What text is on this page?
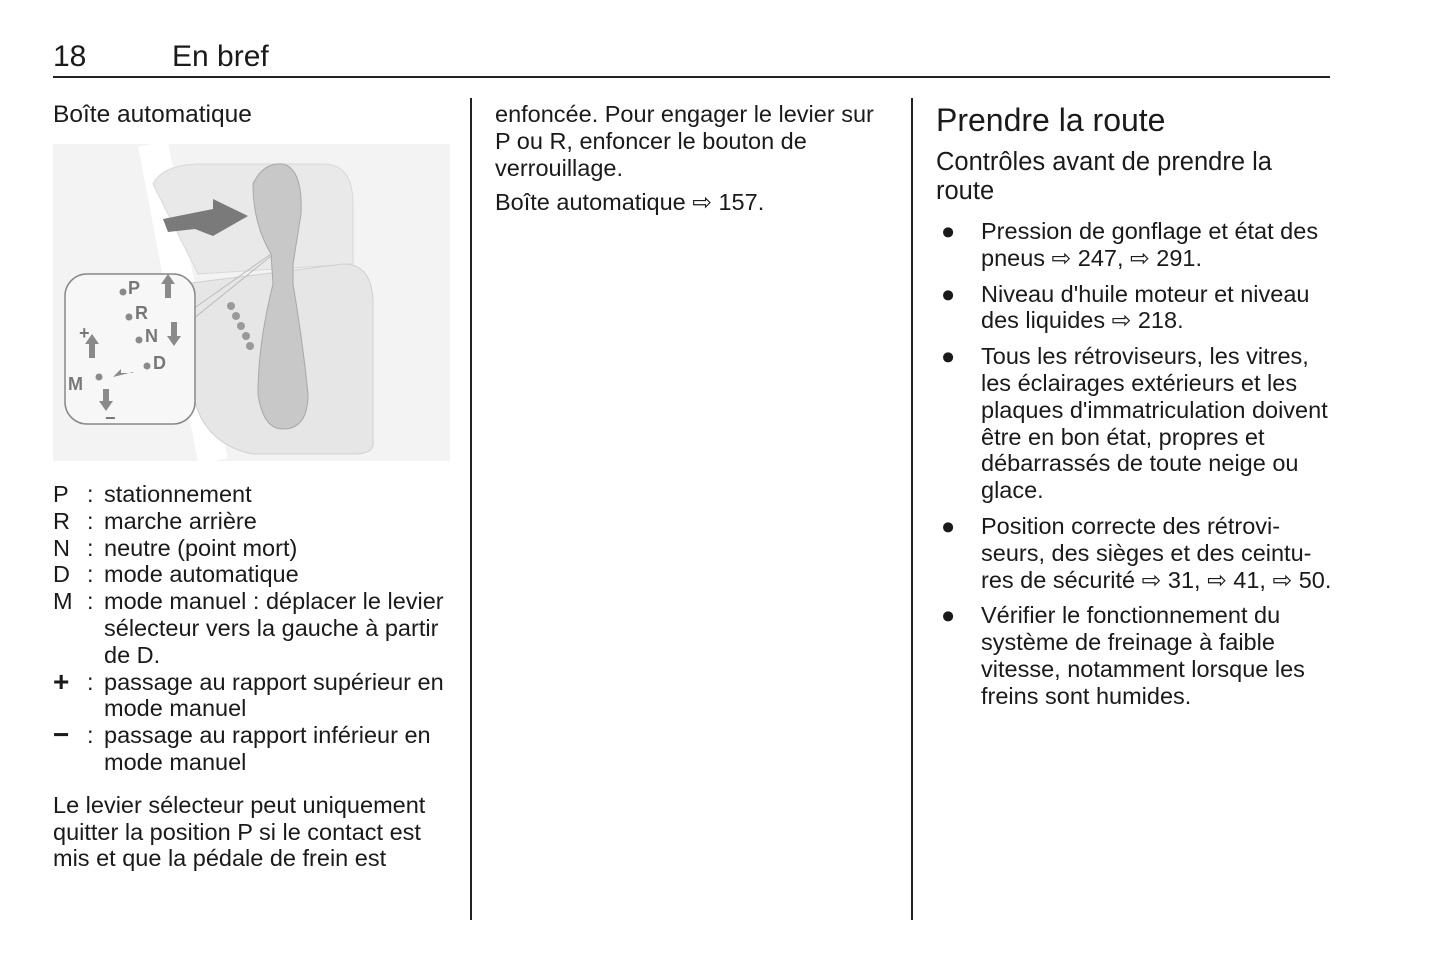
18	En bref
Boîte automatique
P
R
N
D
M
+
−
P : stationnement
R : marche arrière
N : neutre (point mort)
D : mode automatique
M : mode manuel : déplacer le levier sélecteur vers la gauche à partir de D.
+ : passage au rapport supérieur en mode manuel
− : passage au rapport inférieur en mode manuel

Le levier sélecteur peut uniquement quitter la position P si le contact est mis et que la pédale de frein est

enfoncée. Pour engager le levier sur P ou R, enfoncer le bouton de verrouillage.

Boîte automatique ⇨ 157.

Prendre la route
Contrôles avant de prendre la route
● Pression de gonflage et état des pneus ⇨ 247, ⇨ 291.
● Niveau d'huile moteur et niveau des liquides ⇨ 218.
● Tous les rétroviseurs, les vitres, les éclairages extérieurs et les plaques d'immatriculation doivent être en bon état, propres et débarrassés de toute neige ou glace.
● Position correcte des rétrovi-seurs, des sièges et des ceintu-res de sécurité ⇨ 31, ⇨ 41, ⇨ 50.
● Vérifier le fonctionnement du système de freinage à faible vitesse, notamment lorsque les freins sont humides.
